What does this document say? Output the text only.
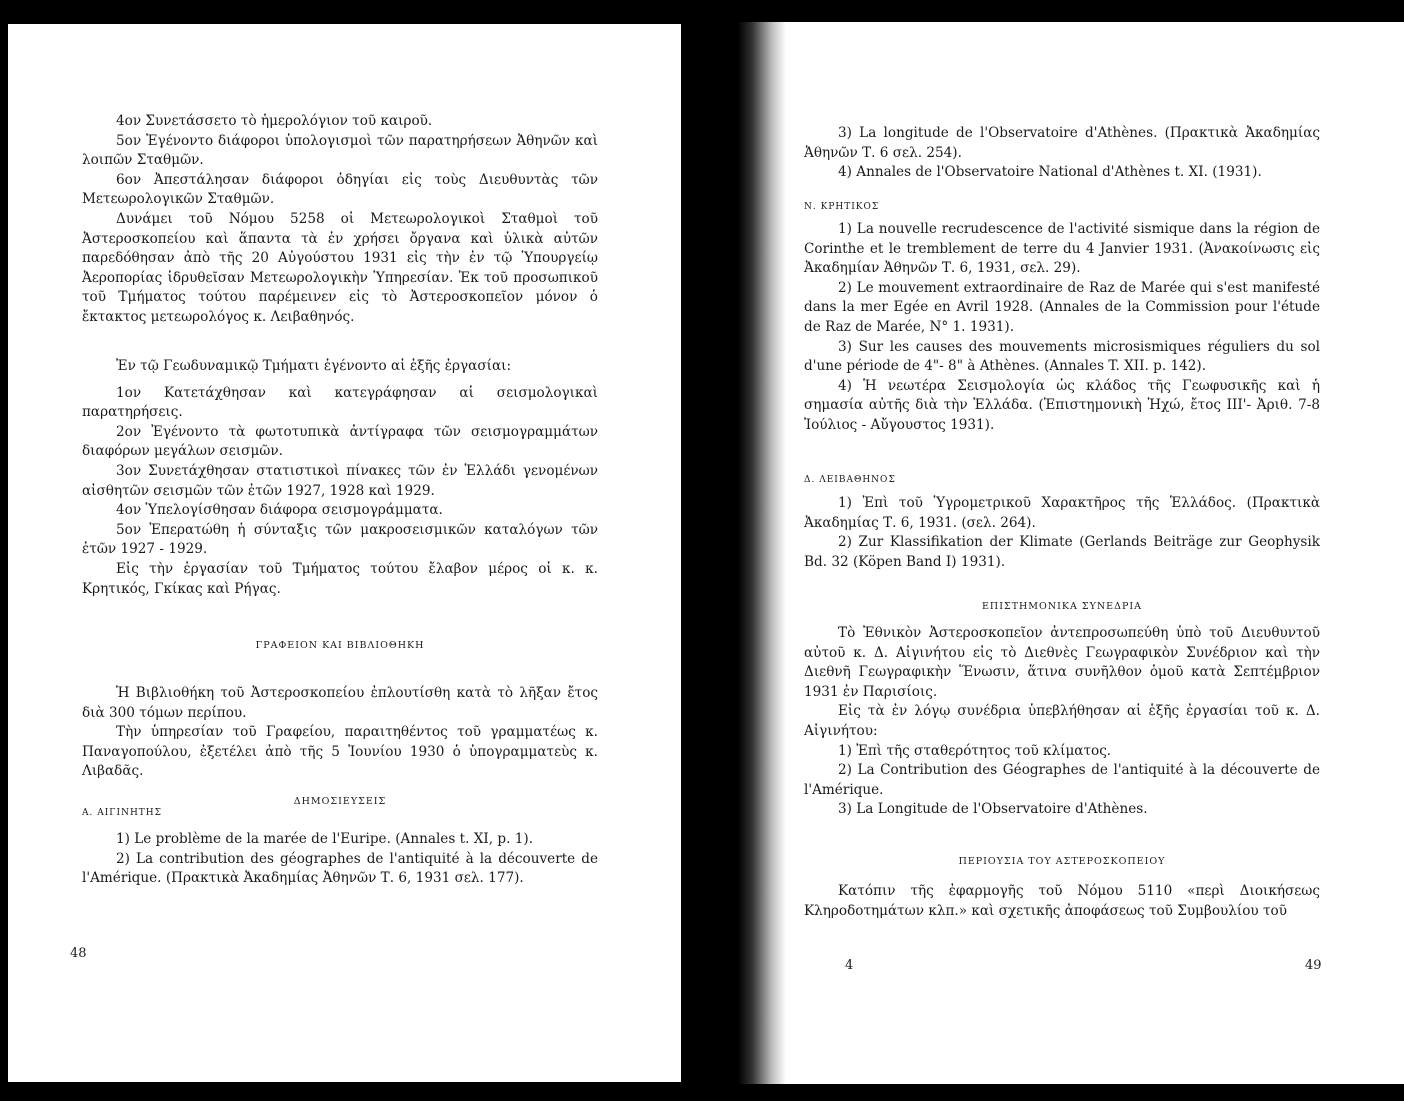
4ον Συνετάσσετο τὸ ἡμερολόγιον τοῦ καιροῦ.

5ον Ἐγένοντο διάφοροι ὑπολογισμοὶ τῶν παρατηρήσεων Ἀθηνῶν καὶ λοιπῶν Σταθμῶν.

6ον Ἀπεστάλησαν διάφοροι ὁδηγίαι εἰς τοὺς Διευθυντὰς τῶν Μετεωρολογικῶν Σταθμῶν.

Δυνάμει τοῦ Νόμου 5258 οἱ Μετεωρολογικοὶ Σταθμοὶ τοῦ Ἀστεροσκοπείου καὶ ἅπαντα τὰ ἐν χρήσει ὄργανα καὶ ὑλικὰ αὐτῶν παρεδόθησαν ἀπὸ τῆς 20 Αὐγούστου 1931 εἰς τὴν ἐν τῷ Ὑπουργείῳ Ἀεροπορίας ἱδρυθεῖσαν Μετεωρολογικὴν Ὑπηρεσίαν. Ἐκ τοῦ προσωπικοῦ τοῦ Τμήματος τούτου παρέμεινεν εἰς τὸ Ἀστεροσκοπεῖον μόνον ὁ ἔκτακτος μετεωρολόγος κ. Λειβαθηνός.

Ἐν τῷ Γεωδυναμικῷ Τμήματι ἐγένοντο αἱ ἑξῆς ἐργασίαι:

1ον Κατετάχθησαν καὶ κατεγράφησαν αἱ σεισμολογικαὶ παρατηρήσεις.

2ον Ἐγένοντο τὰ φωτοτυπικὰ ἀντίγραφα τῶν σεισμογραμμάτων διαφόρων μεγάλων σεισμῶν.

3ον Συνετάχθησαν στατιστικοὶ πίνακες τῶν ἐν Ἑλλάδι γενομένων αἰσθητῶν σεισμῶν τῶν ἐτῶν 1927, 1928 καὶ 1929.

4ον Ὑπελογίσθησαν διάφορα σεισμογράμματα.

5ον Ἐπερατώθη ἡ σύνταξις τῶν μακροσεισμικῶν καταλόγων τῶν ἐτῶν 1927 - 1929.

Εἰς τὴν ἐργασίαν τοῦ Τμήματος τούτου ἔλαβον μέρος οἱ κ. κ. Κρητικός, Γκίκας καὶ Ρήγας.

ΓΡΑΦΕΙΟΝ ΚΑΙ ΒΙΒΛΙΟΘΗΚΗ

Ἡ Βιβλιοθήκη τοῦ Ἀστεροσκοπείου ἐπλουτίσθη κατὰ τὸ λῆξαν ἔτος διὰ 300 τόμων περίπου.

Τὴν ὑπηρεσίαν τοῦ Γραφείου, παραιτηθέντος τοῦ γραμματέως κ. Παναγοπούλου, ἐξετέλει ἀπὸ τῆς 5 Ἰουνίου 1930 ὁ ὑπογραμματεὺς κ. Λιβαδᾶς.

ΔΗΜΟΣΙΕΥΣΕΙΣ

Α. ΑΙΓΙΝΗΤΗΣ

1) Le problème de la marée de l'Euripe. (Annales t. XI, p. 1).

2) La contribution des géographes de l'antiquité à la découverte de l'Amérique. (Πρακτικὰ Ἀκαδημίας Ἀθηνῶν Τ. 6, 1931 σελ. 177).

48

3) La longitude de l'Observatoire d'Athènes. (Πρακτικὰ Ἀκαδημίας Ἀθηνῶν Τ. 6 σελ. 254).

4) Annales de l'Observatoire National d'Athènes t. XI. (1931).

Ν. ΚΡΗΤΙΚΟΣ

1) La nouvelle recrudescence de l'activité sismique dans la région de Corinthe et le tremblement de terre du 4 Janvier 1931. (Ἀνακοίνωσις εἰς Ἀκαδημίαν Ἀθηνῶν Τ. 6, 1931, σελ. 29).

2) Le mouvement extraordinaire de Raz de Marée qui s'est manifesté dans la mer Egée en Avril 1928. (Annales de la Commission pour l'étude de Raz de Marée, N° 1. 1931).

3) Sur les causes des mouvements microsismiques réguliers du sol d'une période de 4"- 8" à Athènes. (Annales T. XII. p. 142).

4) Ἡ νεωτέρα Σεισμολογία ὡς κλάδος τῆς Γεωφυσικῆς καὶ ἡ σημασία αὐτῆς διὰ τὴν Ἑλλάδα. (Ἐπιστημονικὴ Ἠχώ, ἔτος ΙΙΙ'- Ἀριθ. 7-8 Ἰούλιος - Αὔγουστος 1931).

Δ. ΛΕΙΒΑΘΗΝΟΣ

1) Ἐπὶ τοῦ Ὑγρομετρικοῦ Χαρακτῆρος τῆς Ἑλλάδος. (Πρακτικὰ Ἀκαδημίας Τ. 6, 1931. (σελ. 264).

2) Zur Klassifikation der Klimate (Gerlands Beiträge zur Geophysik Bd. 32 (Köpen Band I) 1931).

ΕΠΙΣΤΗΜΟΝΙΚΑ ΣΥΝΕΔΡΙΑ

Τὸ Ἐθνικὸν Ἀστεροσκοπεῖον ἀντεπροσωπεύθη ὑπὸ τοῦ Διευθυντοῦ αὐτοῦ κ. Δ. Αἰγινήτου εἰς τὸ Διεθνὲς Γεωγραφικὸν Συνέδριον καὶ τὴν Διεθνῆ Γεωγραφικὴν Ἕνωσιν, ἅτινα συνῆλθον ὁμοῦ κατὰ Σεπτέμβριον 1931 ἐν Παρισίοις.

Εἰς τὰ ἐν λόγῳ συνέδρια ὑπεβλήθησαν αἱ ἑξῆς ἐργασίαι τοῦ κ. Δ. Αἰγινήτου:

1) Ἐπὶ τῆς σταθερότητος τοῦ κλίματος.

2) La Contribution des Géographes de l'antiquité à la découverte de l'Amérique.

3) La Longitude de l'Observatoire d'Athènes.

ΠΕΡΙΟΥΣΙΑ ΤΟΥ ΑΣΤΕΡΟΣΚΟΠΕΙΟΥ

Κατόπιν τῆς ἐφαρμογῆς τοῦ Νόμου 5110 «περὶ Διοικήσεως Κληροδοτημάτων κλπ.» καὶ σχετικῆς ἀποφάσεως τοῦ Συμβουλίου τοῦ

4	49
